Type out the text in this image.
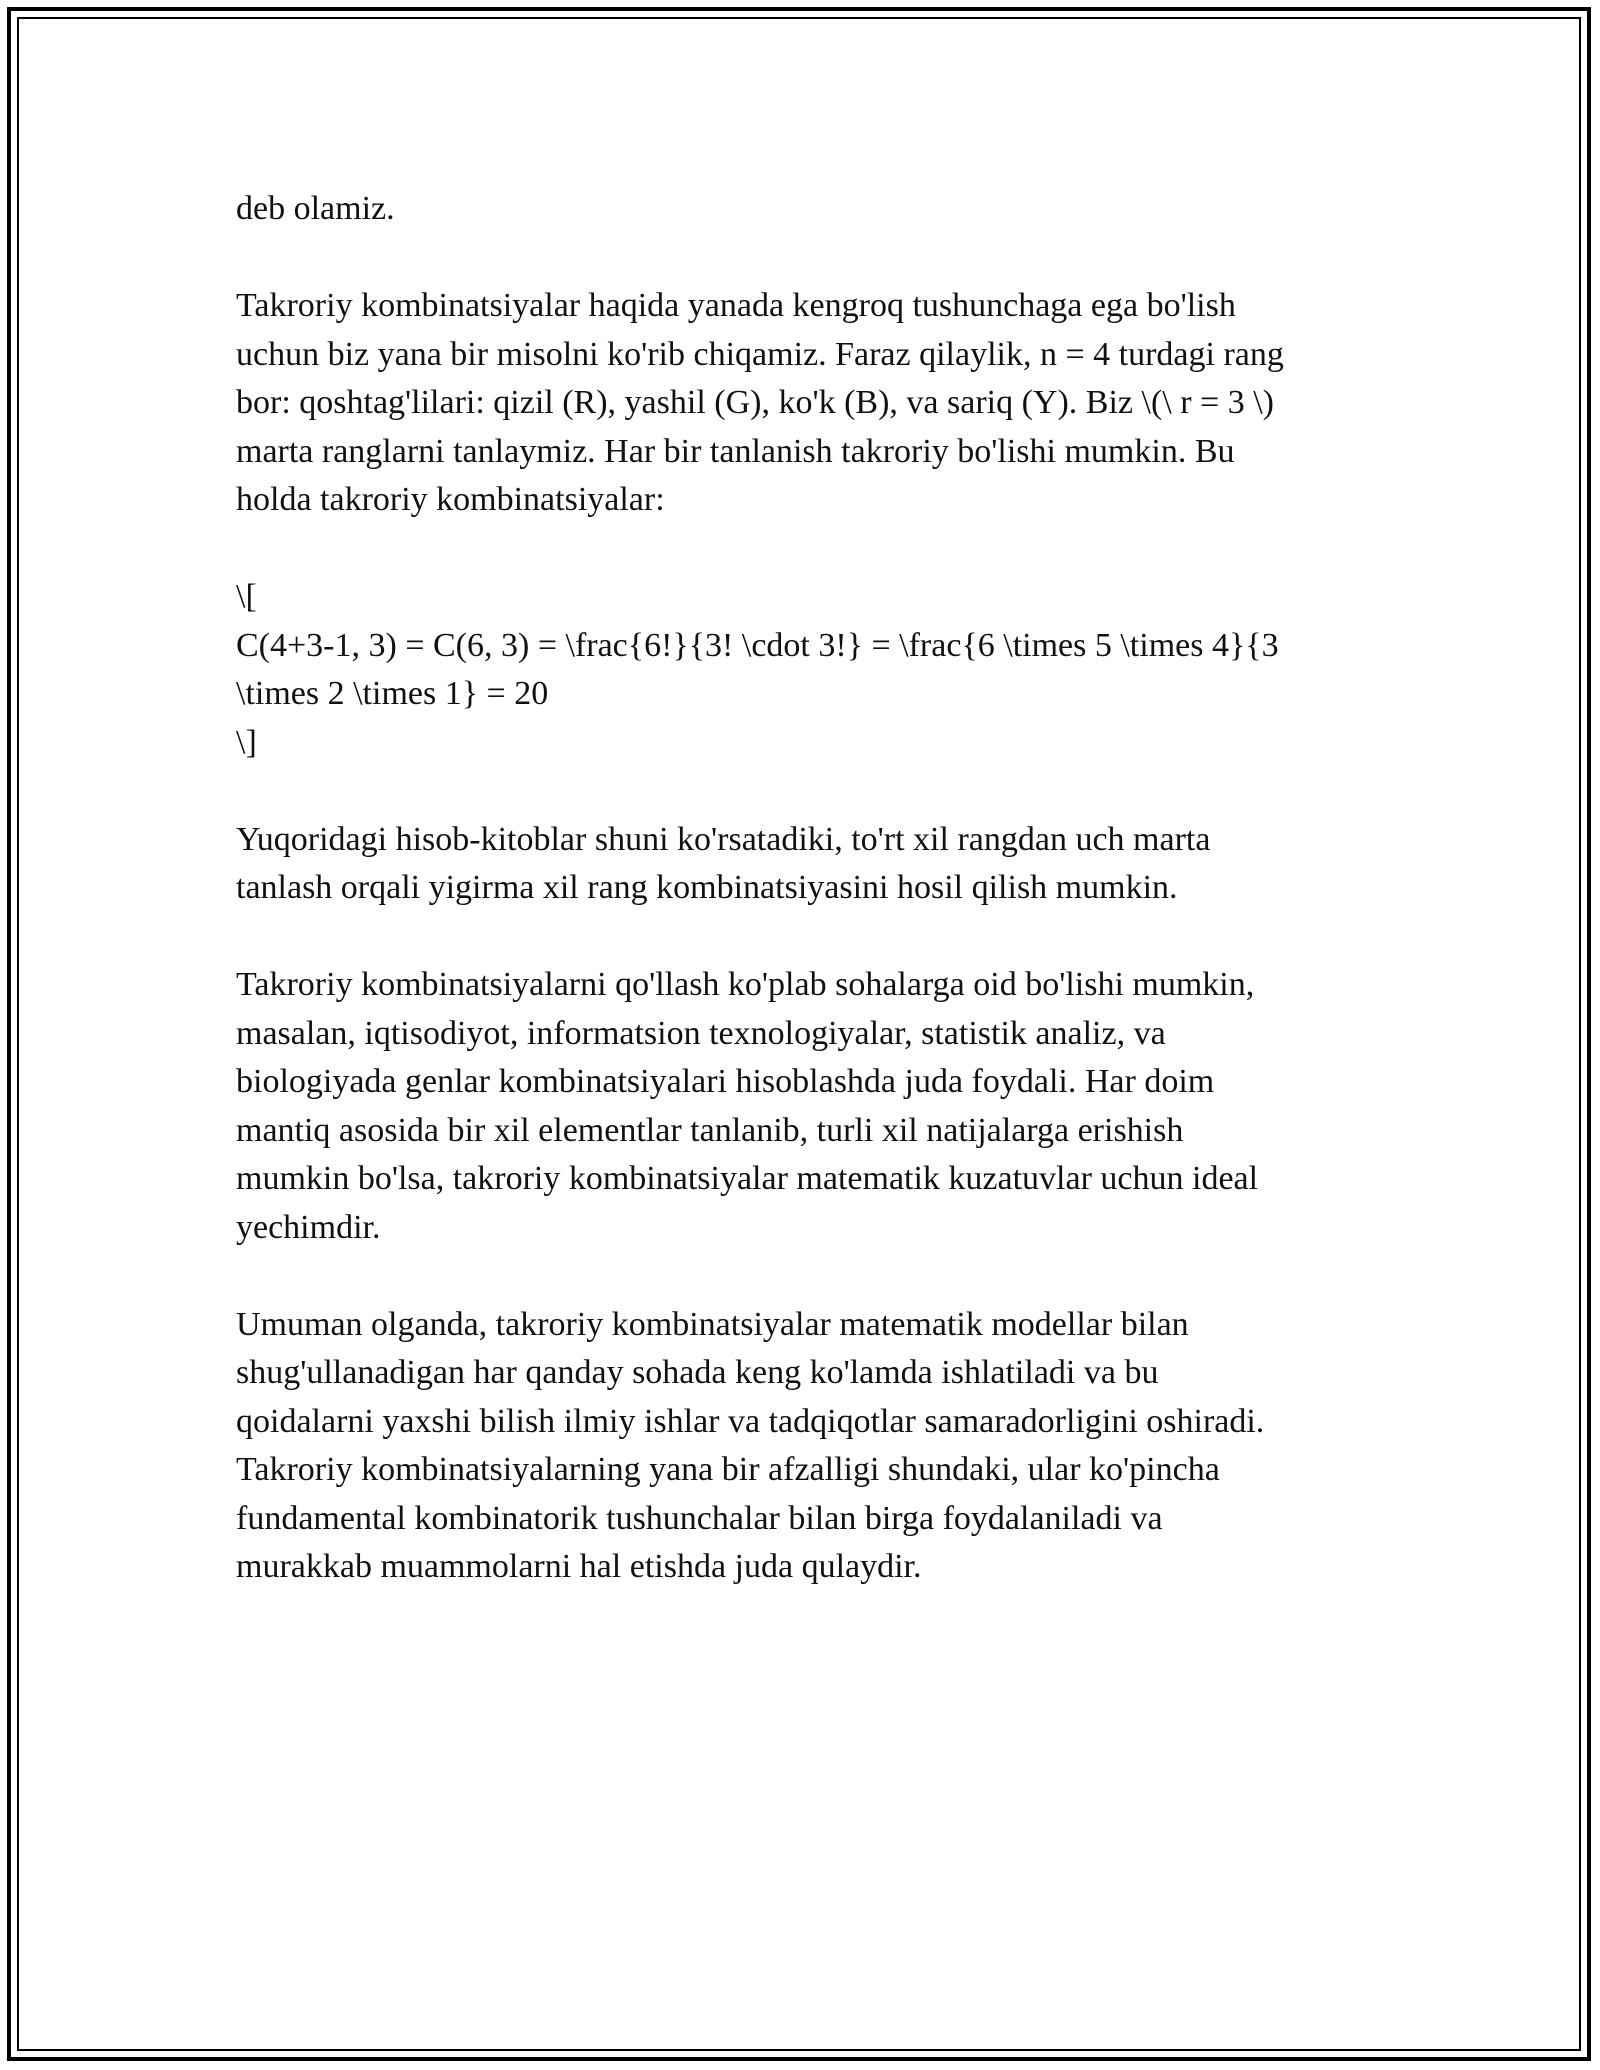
deb olamiz.

Takroriy kombinatsiyalar haqida yanada kengroq tushunchaga ega bo'lish
uchun biz yana bir misolni ko'rib chiqamiz. Faraz qilaylik, n = 4 turdagi rang
bor: qoshtag'lilari: qizil (R), yashil (G), ko'k (B), va sariq (Y). Biz \(\ r = 3 \)
marta ranglarni tanlaymiz. Har bir tanlanish takroriy bo'lishi mumkin. Bu
holda takroriy kombinatsiyalar:

\[
C(4+3-1, 3) = C(6, 3) = \frac{6!}{3! \cdot 3!} = \frac{6 \times 5 \times 4}{3
\times 2 \times 1} = 20
\]

Yuqoridagi hisob-kitoblar shuni ko'rsatadiki, to'rt xil rangdan uch marta
tanlash orqali yigirma xil rang kombinatsiyasini hosil qilish mumkin.

Takroriy kombinatsiyalarni qo'llash ko'plab sohalarga oid bo'lishi mumkin,
masalan, iqtisodiyot, informatsion texnologiyalar, statistik analiz, va
biologiyada genlar kombinatsiyalari hisoblashda juda foydali. Har doim
mantiq asosida bir xil elementlar tanlanib, turli xil natijalarga erishish
mumkin bo'lsa, takroriy kombinatsiyalar matematik kuzatuvlar uchun ideal
yechimdir.

Umuman olganda, takroriy kombinatsiyalar matematik modellar bilan
shug'ullanadigan har qanday sohada keng ko'lamda ishlatiladi va bu
qoidalarni yaxshi bilish ilmiy ishlar va tadqiqotlar samaradorligini oshiradi.
Takroriy kombinatsiyalarning yana bir afzalligi shundaki, ular ko'pincha
fundamental kombinatorik tushunchalar bilan birga foydalaniladi va
murakkab muammolarni hal etishda juda qulaydir.
